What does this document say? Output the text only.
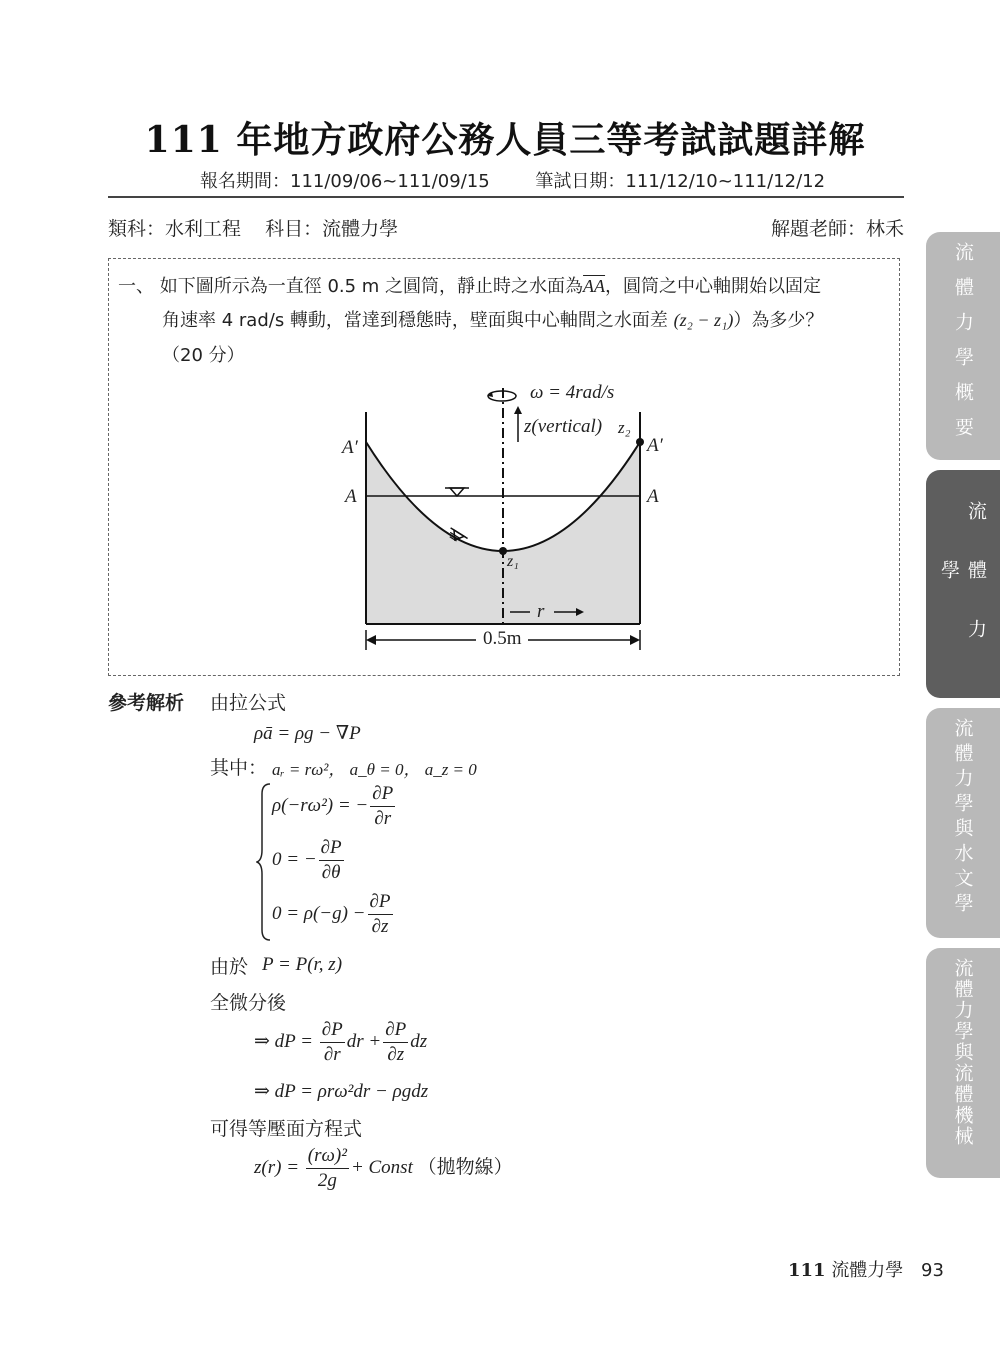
111 年地方政府公務人員三等考試試題詳解
報名期間：111/09/06~111/09/15	筆試日期：111/12/10~111/12/12
類科：水利工程 科目：流體力學	解題老師：林禾
一、 如下圖所示為一直徑 0.5 m 之圓筒，靜止時之水面為$\overline{AA}$，圓筒之中心軸開始以固定
角速率 4 rad/s 轉動，當達到穩態時，壁面與中心軸間之水面差 (z₂ − z₁)）為多少？
（20 分）
ω = 4rad/s
z(vertical) z₂
A′	A′
A	A
z₁
r
0.5m
參考解析 由拉公式
ρā = ρg − ∇P
其中： aᵣ = rω²， a_θ = 0， a_z = 0
ρ(−rω²) = − $\frac{\partial P}{\partial r}$
0 = − $\frac{\partial P}{\partial\theta}$
$0 = \rho(-g) - \frac{\partial P}{\partial z}$
由於 P = P(r, z)
全微分後
⇒ dP = $\frac{\partial P}{\partial r}$ dr + $\frac{\partial P}{\partial z}$ dz
⇒ dP = ρrω²dr − ρgdz
可得等壓面方程式
$z(r) = \frac{\text{(rω)²}}{2g}$ + Const （拋物線）
流體力學概要
流體力學
流體力學與水文學
流體力學與流體機械
111 流體力學 93
